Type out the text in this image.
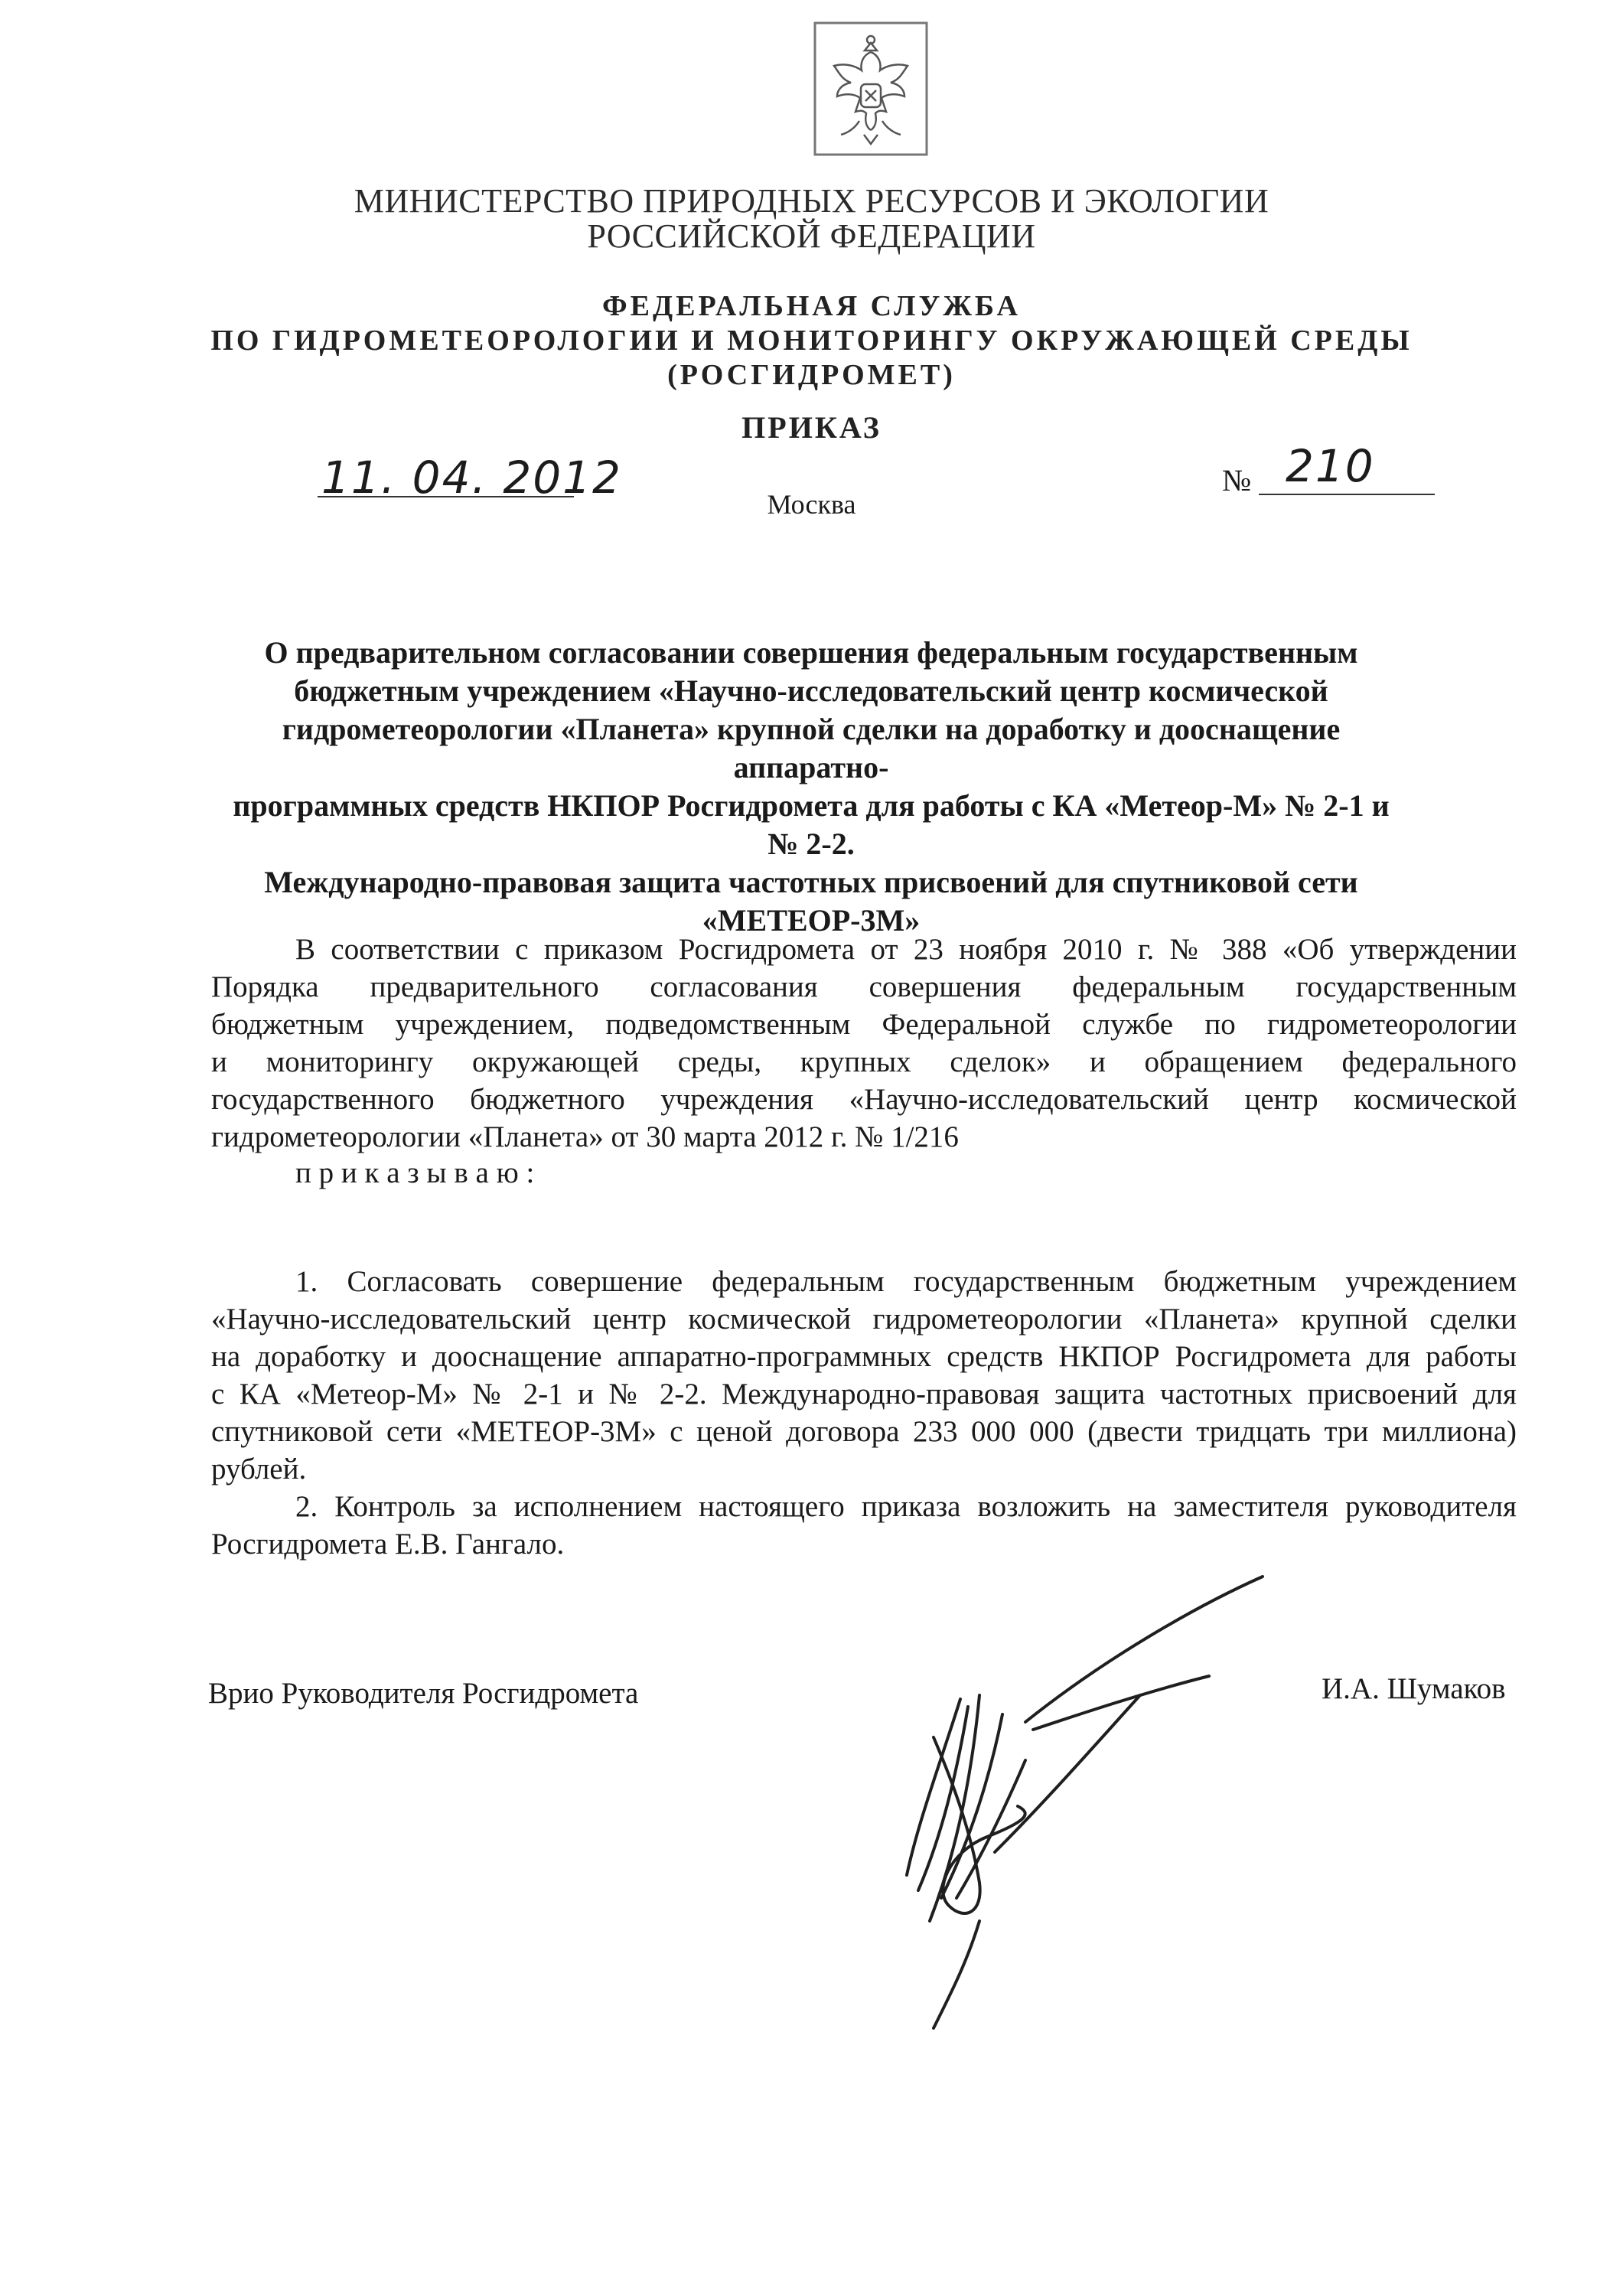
МИНИСТЕРСТВО ПРИРОДНЫХ РЕСУРСОВ И ЭКОЛОГИИ
РОССИЙСКОЙ ФЕДЕРАЦИИ
ФЕДЕРАЛЬНАЯ СЛУЖБА
ПО ГИДРОМЕТЕОРОЛОГИИ И МОНИТОРИНГУ ОКРУЖАЮЩЕЙ СРЕДЫ
(РОСГИДРОМЕТ)
ПРИКАЗ
11. 04. 2012
Москва
№ 210
О предварительном согласовании совершения федеральным государственным
бюджетным учреждением «Научно-исследовательский центр космической
гидрометеорологии «Планета» крупной сделки на доработку и дооснащение аппаратно-
программных средств НКПОР Росгидромета для работы с КА «Метеор-М» № 2-1 и № 2-2.
Международно-правовая защита частотных присвоений для спутниковой сети
«МЕТЕОР-3М»
В соответствии с приказом Росгидромета от 23 ноября 2010 г. № 388 «Об утверждении
Порядка предварительного согласования совершения федеральным государственным
бюджетным учреждением, подведомственным Федеральной службе по гидрометеорологии
и мониторингу окружающей среды, крупных сделок» и обращением федерального
государственного бюджетного учреждения «Научно-исследовательский центр космической
гидрометеорологии «Планета» от 30 марта 2012 г. № 1/216
п р и к а з ы в а ю :
1. Согласовать совершение федеральным государственным бюджетным учреждением
«Научно-исследовательский центр космической гидрометеорологии «Планета» крупной сделки
на доработку и дооснащение аппаратно-программных средств НКПОР Росгидромета для работы
с КА «Метеор-М» № 2-1 и № 2-2. Международно-правовая защита частотных присвоений для
спутниковой сети «МЕТЕОР-3М» с ценой договора 233 000 000 (двести тридцать три миллиона)
рублей.
2. Контроль за исполнением настоящего приказа возложить на заместителя руководителя
Росгидромета Е.В. Гангало.
Врио Руководителя Росгидромета	И.А. Шумаков
